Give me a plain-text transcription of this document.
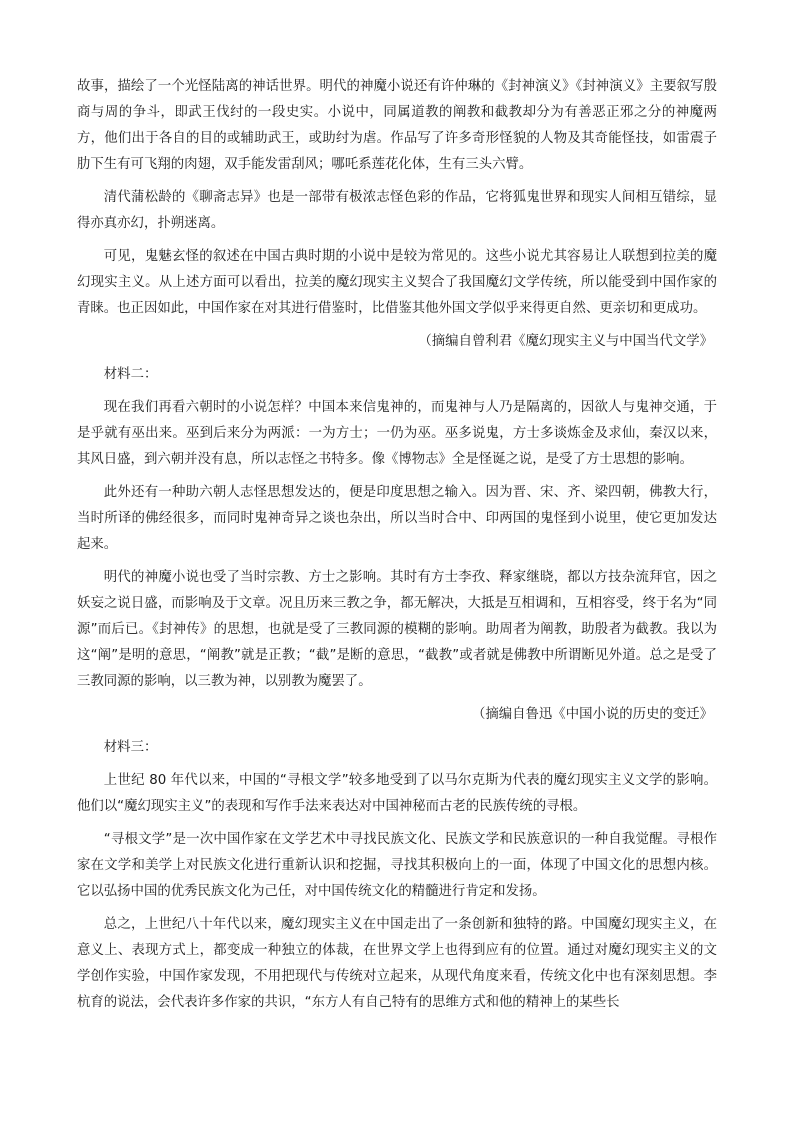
故事，描绘了一个光怪陆离的神话世界。明代的神魔小说还有许仲琳的《封神演义》《封神演义》主要叙写殷商与周的争斗，即武王伐纣的一段史实。小说中，同属道教的阐教和截教却分为有善恶正邪之分的神魔两方，他们出于各自的目的或辅助武王，或助纣为虐。作品写了许多奇形怪貌的人物及其奇能怪技，如雷震子肋下生有可飞翔的肉翅，双手能发雷刮风；哪吒系莲花化体，生有三头六臂。

清代蒲松龄的《聊斋志异》也是一部带有极浓志怪色彩的作品，它将狐鬼世界和现实人间相互错综，显得亦真亦幻，扑朔迷离。

可见，鬼魅玄怪的叙述在中国古典时期的小说中是较为常见的。这些小说尤其容易让人联想到拉美的魔幻现实主义。从上述方面可以看出，拉美的魔幻现实主义契合了我国魔幻文学传统，所以能受到中国作家的青睐。也正因如此，中国作家在对其进行借鉴时，比借鉴其他外国文学似乎来得更自然、更亲切和更成功。

（摘编自曾利君《魔幻现实主义与中国当代文学》

材料二：

现在我们再看六朝时的小说怎样？中国本来信鬼神的，而鬼神与人乃是隔离的，因欲人与鬼神交通，于是乎就有巫出来。巫到后来分为两派：一为方士；一仍为巫。巫多说鬼，方士多谈炼金及求仙，秦汉以来，其风日盛，到六朝并没有息，所以志怪之书特多。像《博物志》全是怪诞之说，是受了方士思想的影响。

此外还有一种助六朝人志怪思想发达的，便是印度思想之输入。因为晋、宋、齐、梁四朝，佛教大行，当时所译的佛经很多，而同时鬼神奇异之谈也杂出，所以当时合中、印两国的鬼怪到小说里，使它更加发达起来。

明代的神魔小说也受了当时宗教、方士之影响。其时有方士李孜、释家继晓，都以方技杂流拜官，因之妖妄之说日盛，而影响及于文章。况且历来三教之争，都无解决，大抵是互相调和，互相容受，终于名为“同源”而后已。《封神传》的思想，也就是受了三教同源的模糊的影响。助周者为阐教，助殷者为截教。我以为这“阐”是明的意思，“阐教”就是正教；“截”是断的意思，“截教”或者就是佛教中所谓断见外道。总之是受了三教同源的影响，以三教为神，以别教为魔罢了。

（摘编自鲁迅《中国小说的历史的变迁》

材料三：

上世纪 80 年代以来，中国的“寻根文学”较多地受到了以马尔克斯为代表的魔幻现实主义文学的影响。他们以“魔幻现实主义”的表现和写作手法来表达对中国神秘而古老的民族传统的寻根。

“寻根文学”是一次中国作家在文学艺术中寻找民族文化、民族文学和民族意识的一种自我觉醒。寻根作家在文学和美学上对民族文化进行重新认识和挖掘，寻找其积极向上的一面，体现了中国文化的思想内核。它以弘扬中国的优秀民族文化为己任，对中国传统文化的精髓进行肯定和发扬。

总之，上世纪八十年代以来，魔幻现实主义在中国走出了一条创新和独特的路。中国魔幻现实主义，在意义上、表现方式上，都变成一种独立的体裁，在世界文学上也得到应有的位置。通过对魔幻现实主义的文学创作实验，中国作家发现，不用把现代与传统对立起来，从现代角度来看，传统文化中也有深刻思想。李杭育的说法，会代表许多作家的共识，“东方人有自己特有的思维方式和他的精神上的某些长
